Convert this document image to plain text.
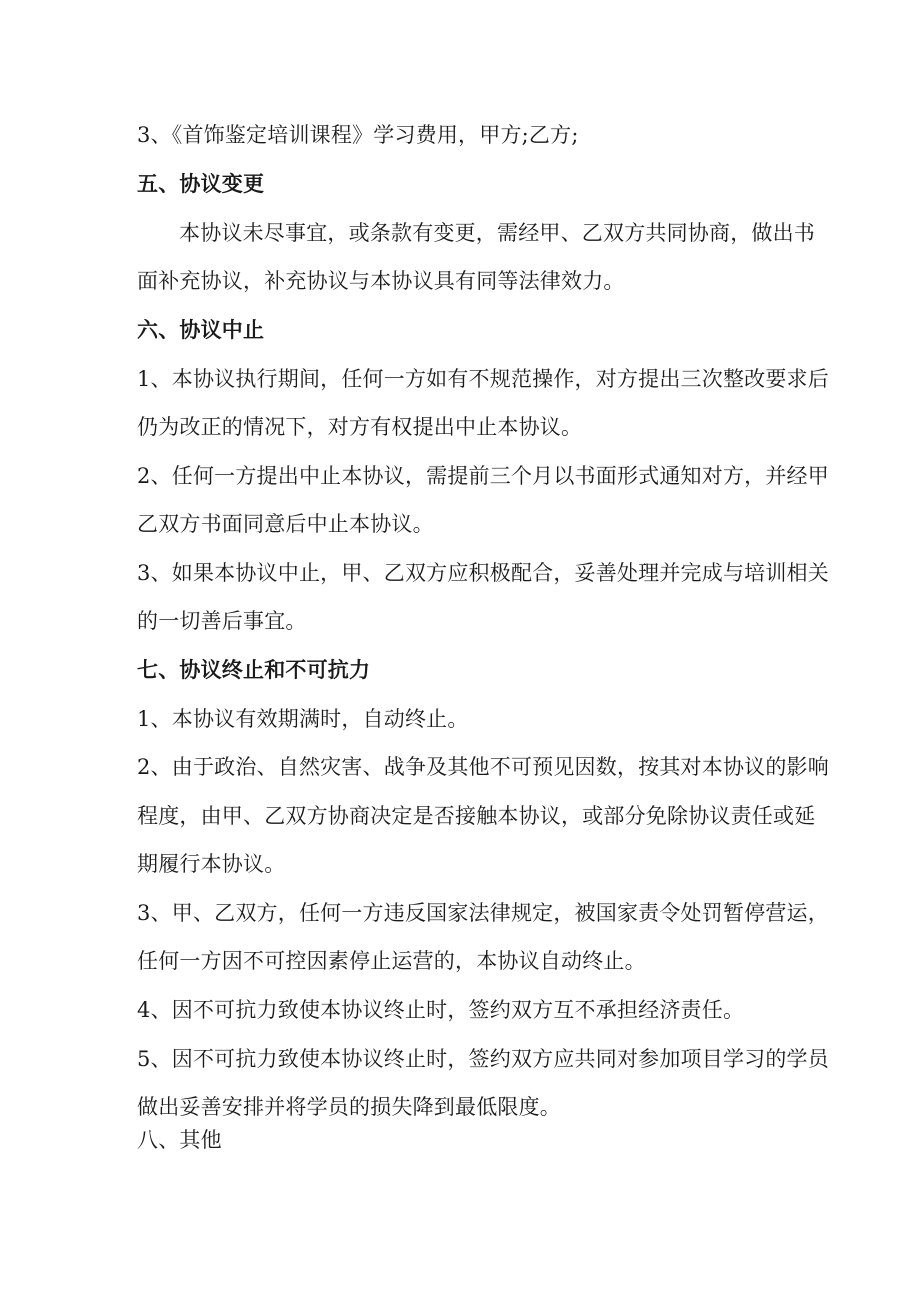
3、《首饰鉴定培训课程》学习费用，甲方;乙方;
五、协议变更
本协议未尽事宜，或条款有变更，需经甲、乙双方共同协商，做出书
面补充协议，补充协议与本协议具有同等法律效力。
六、协议中止
1、本协议执行期间，任何一方如有不规范操作，对方提出三次整改要求后
仍为改正的情况下，对方有权提出中止本协议。
2、任何一方提出中止本协议，需提前三个月以书面形式通知对方，并经甲
乙双方书面同意后中止本协议。
3、如果本协议中止，甲、乙双方应积极配合，妥善处理并完成与培训相关
的一切善后事宜。
七、协议终止和不可抗力
1、本协议有效期满时，自动终止。
2、由于政治、自然灾害、战争及其他不可预见因数，按其对本协议的影响
程度，由甲、乙双方协商决定是否接触本协议，或部分免除协议责任或延
期履行本协议。
3、甲、乙双方，任何一方违反国家法律规定，被国家责令处罚暂停营运，
任何一方因不可控因素停止运营的，本协议自动终止。
4、因不可抗力致使本协议终止时，签约双方互不承担经济责任。
5、因不可抗力致使本协议终止时，签约双方应共同对参加项目学习的学员
做出妥善安排并将学员的损失降到最低限度。
八、其他
